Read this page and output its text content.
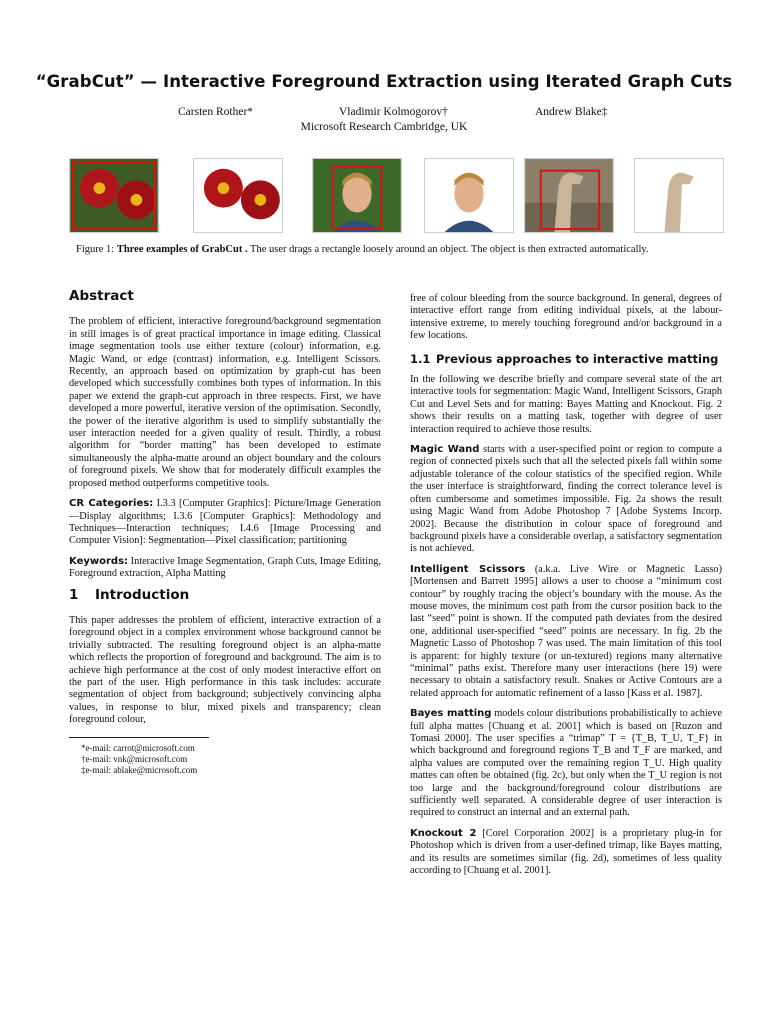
“GrabCut” — Interactive Foreground Extraction using Iterated Graph Cuts
Carsten Rother*	Vladimir Kolmogorov†	Andrew Blake‡
Microsoft Research Cambridge, UK
Figure 1: Three examples of GrabCut . The user drags a rectangle loosely around an object. The object is then extracted automatically.
Abstract

The problem of efficient, interactive foreground/background segmentation in still images is of great practical importance in image editing. Classical image segmentation tools use either texture (colour) information, e.g. Magic Wand, or edge (contrast) information, e.g. Intelligent Scissors. Recently, an approach based on optimization by graph-cut has been developed which successfully combines both types of information. In this paper we extend the graph-cut approach in three respects. First, we have developed a more powerful, iterative version of the optimisation. Secondly, the power of the iterative algorithm is used to simplify substantially the user interaction needed for a given quality of result. Thirdly, a robust algorithm for “border matting” has been developed to estimate simultaneously the alpha-matte around an object boundary and the colours of foreground pixels. We show that for moderately difficult examples the proposed method outperforms competitive tools.

CR Categories: I.3.3 [Computer Graphics]: Picture/Image Generation—Display algorithms; I.3.6 [Computer Graphics]: Methodology and Techniques—Interaction techniques; I.4.6 [Image Processing and Computer Vision]: Segmentation—Pixel classification; partitioning

Keywords: Interactive Image Segmentation, Graph Cuts, Image Editing, Foreground extraction, Alpha Matting

1 Introduction

This paper addresses the problem of efficient, interactive extraction of a foreground object in a complex environment whose background cannot be trivially subtracted. The resulting foreground object is an alpha-matte which reflects the proportion of foreground and background. The aim is to achieve high performance at the cost of only modest interactive effort on the part of the user. High performance in this task includes: accurate segmentation of object from background; subjectively convincing alpha values, in response to blur, mixed pixels and transparency; clean foreground colour,

*e-mail: carrot@microsoft.com
†e-mail: vnk@microsoft.com
‡e-mail: ablake@microsoft.com

free of colour bleeding from the source background. In general, degrees of interactive effort range from editing individual pixels, at the labour-intensive extreme, to merely touching foreground and/or background in a few locations.

1.1 Previous approaches to interactive matting

In the following we describe briefly and compare several state of the art interactive tools for segmentation: Magic Wand, Intelligent Scissors, Graph Cut and Level Sets and for matting: Bayes Matting and Knockout. Fig. 2 shows their results on a matting task, together with degree of user interaction required to achieve those results.

Magic Wand starts with a user-specified point or region to compute a region of connected pixels such that all the selected pixels fall within some adjustable tolerance of the colour statistics of the specified region. While the user interface is straightforward, finding the correct tolerance level is often cumbersome and sometimes impossible. Fig. 2a shows the result using Magic Wand from Adobe Photoshop 7 [Adobe Systems Incorp. 2002]. Because the distribution in colour space of foreground and background pixels have a considerable overlap, a satisfactory segmentation is not achieved.

Intelligent Scissors (a.k.a. Live Wire or Magnetic Lasso) [Mortensen and Barrett 1995] allows a user to choose a “minimum cost contour” by roughly tracing the object’s boundary with the mouse. As the mouse moves, the minimum cost path from the cursor position back to the last “seed” point is shown. If the computed path deviates from the desired one, additional user-specified “seed” points are necessary. In fig. 2b the Magnetic Lasso of Photoshop 7 was used. The main limitation of this tool is apparent: for highly texture (or un-textured) regions many alternative “minimal” paths exist. Therefore many user interactions (here 19) were necessary to obtain a satisfactory result. Snakes or Active Contours are a related approach for automatic refinement of a lasso [Kass et al. 1987].

Bayes matting models colour distributions probabilistically to achieve full alpha mattes [Chuang et al. 2001] which is based on [Ruzon and Tomasi 2000]. The user specifies a “trimap” T = {T_B, T_U, T_F} in which background and foreground regions T_B and T_F are marked, and alpha values are computed over the remaining region T_U. High quality mattes can often be obtained (fig. 2c), but only when the T_U region is not too large and the background/foreground colour distributions are sufficiently well separated. A considerable degree of user interaction is required to construct an internal and an external path.

Knockout 2 [Corel Corporation 2002] is a proprietary plug-in for Photoshop which is driven from a user-defined trimap, like Bayes matting, and its results are sometimes similar (fig. 2d), sometimes of less quality according to [Chuang et al. 2001].
